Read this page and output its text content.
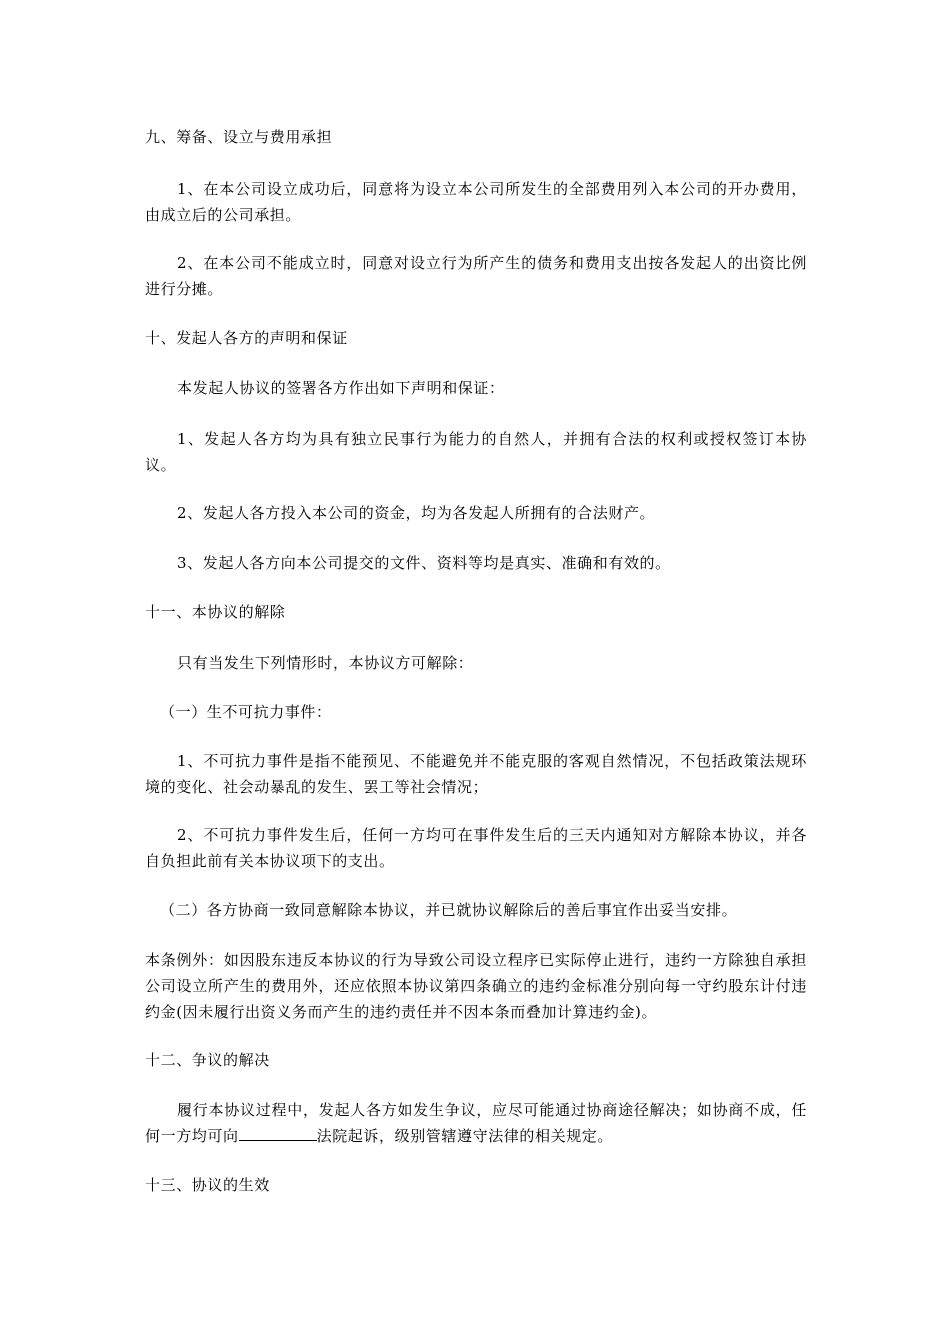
九、筹备、设立与费用承担
1、在本公司设立成功后，同意将为设立本公司所发生的全部费用列入本公司的开办费用，由成立后的公司承担。
2、在本公司不能成立时，同意对设立行为所产生的债务和费用支出按各发起人的出资比例进行分摊。
十、发起人各方的声明和保证
本发起人协议的签署各方作出如下声明和保证：
1、发起人各方均为具有独立民事行为能力的自然人，并拥有合法的权利或授权签订本协议。
2、发起人各方投入本公司的资金，均为各发起人所拥有的合法财产。
3、发起人各方向本公司提交的文件、资料等均是真实、准确和有效的。
十一、本协议的解除
只有当发生下列情形时，本协议方可解除：
（一）生不可抗力事件：
1、不可抗力事件是指不能预见、不能避免并不能克服的客观自然情况，不包括政策法规环境的变化、社会动暴乱的发生、罢工等社会情况；
2、不可抗力事件发生后，任何一方均可在事件发生后的三天内通知对方解除本协议，并各自负担此前有关本协议项下的支出。
（二）各方协商一致同意解除本协议，并已就协议解除后的善后事宜作出妥当安排。
本条例外：如因股东违反本协议的行为导致公司设立程序已实际停止进行，违约一方除独自承担公司设立所产生的费用外，还应依照本协议第四条确立的违约金标准分别向每一守约股东计付违约金(因未履行出资义务而产生的违约责任并不因本条而叠加计算违约金)。
十二、争议的解决
履行本协议过程中，发起人各方如发生争议，应尽可能通过协商途径解决；如协商不成，任何一方均可向	法院起诉，级别管辖遵守法律的相关规定。
十三、协议的生效
